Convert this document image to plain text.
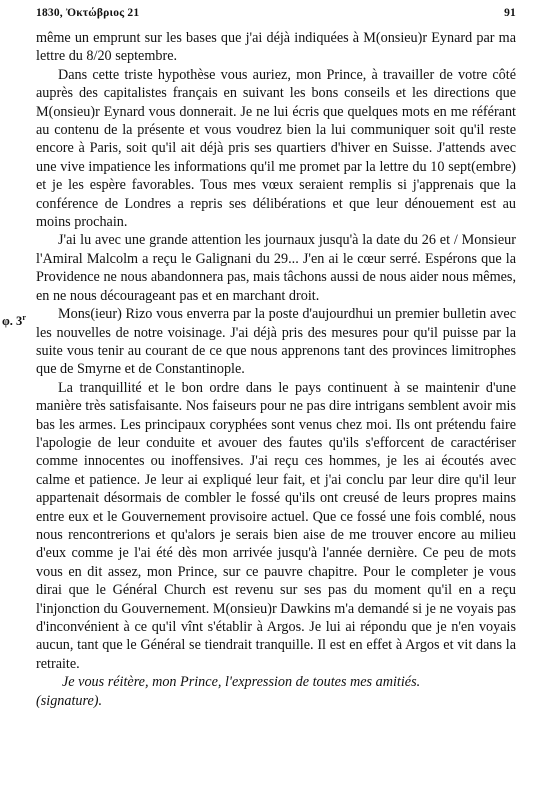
1830, Ὀκτώβριος 21	91

même un emprunt sur les bases que j'ai déjà indiquées à M(onsieu)r Eynard par ma lettre du 8/20 septembre.

Dans cette triste hypothèse vous auriez, mon Prince, à travailler de votre côté auprès des capitalistes français en suivant les bons conseils et les directions que M(onsieu)r Eynard vous donnerait. Je ne lui écris que quelques mots en me référant au contenu de la présente et vous voudrez bien la lui communiquer soit qu'il reste encore à Paris, soit qu'il ait déjà pris ses quartiers d'hiver en Suisse. J'attends avec une vive impatience les informations qu'il me promet par la lettre du 10 sept(embre) et je les espère favorables. Tous mes vœux seraient remplis si j'apprenais que la conférence de Londres a repris ses délibérations et que leur dénouement est au moins prochain.

J'ai lu avec une grande attention les journaux jusqu'à la date du 26 et / Monsieur l'Amiral Malcolm a reçu le Galignani du 29... J'en ai le cœur serré. Espérons que la Providence ne nous abandonnera pas, mais tâchons aussi de nous aider nous mêmes, en ne nous décourageant pas et en marchant droit.

Mons(ieur) Rizo vous enverra par la poste d'aujourdhui un premier bulletin avec les nouvelles de notre voisinage. J'ai déjà pris des mesures pour qu'il puisse par la suite vous tenir au courant de ce que nous apprenons tant des provinces limitrophes que de Smyrne et de Constantinople.

La tranquillité et le bon ordre dans le pays continuent à se maintenir d'une manière très satisfaisante. Nos faiseurs pour ne pas dire intrigans semblent avoir mis bas les armes. Les principaux coryphées sont venus chez moi. Ils ont prétendu faire l'apologie de leur conduite et avouer des fautes qu'ils s'efforcent de caractériser comme innocentes ou inoffensives. J'ai reçu ces hommes, je les ai écoutés avec calme et patience. Je leur ai expliqué leur fait, et j'ai conclu par leur dire qu'il leur appartenait désormais de combler le fossé qu'ils ont creusé de leurs propres mains entre eux et le Gouvernement provisoire actuel. Que ce fossé une fois comblé, nous nous rencontrerions et qu'alors je serais bien aise de me trouver encore au milieu d'eux comme je l'ai été dès mon arrivée jusqu'à l'année dernière. Ce peu de mots vous en dit assez, mon Prince, sur ce pauvre chapitre. Pour le completer je vous dirai que le Général Church est revenu sur ses pas du moment qu'il en a reçu l'injonction du Gouvernement. M(onsieu)r Dawkins m'a demandé si je ne voyais pas d'inconvénient à ce qu'il vînt s'établir à Argos. Je lui ai répondu que je n'en voyais aucun, tant que le Général se tiendrait tranquille. Il est en effet à Argos et vit dans la retraite.

Je vous réitère, mon Prince, l'expression de toutes mes amitiés.

(signature).

φ. 3$^r$
